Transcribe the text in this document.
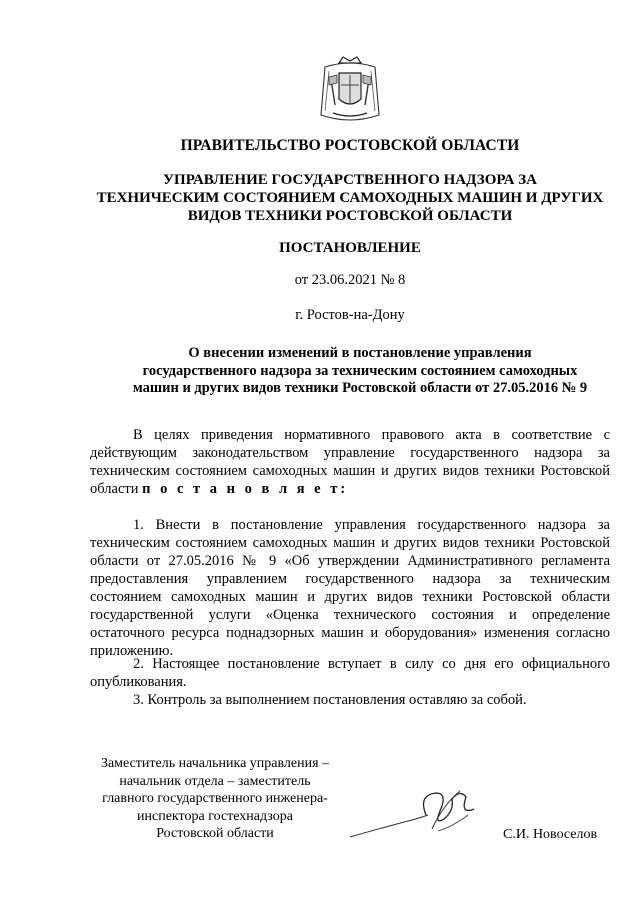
ПРАВИТЕЛЬСТВО РОСТОВСКОЙ ОБЛАСТИ
УПРАВЛЕНИЕ ГОСУДАРСТВЕННОГО НАДЗОРА ЗА
ТЕХНИЧЕСКИМ СОСТОЯНИЕМ САМОХОДНЫХ МАШИН И ДРУГИХ
ВИДОВ ТЕХНИКИ РОСТОВСКОЙ ОБЛАСТИ
ПОСТАНОВЛЕНИЕ
от 23.06.2021 № 8
г. Ростов-на-Дону
О внесении изменений в постановление управления
государственного надзора за техническим состоянием самоходных
машин и других видов техники Ростовской области от 27.05.2016 № 9

В целях приведения нормативного правового акта в соответствие с действующим законодательством управление государственного надзора за техническим состоянием самоходных машин и других видов техники Ростовской области п о с т а н о в л я е т:

1. Внести в постановление управления государственного надзора за техническим состоянием самоходных машин и других видов техники Ростовской области от 27.05.2016 № 9 «Об утверждении Административного регламента предоставления управлением государственного надзора за техническим состоянием самоходных машин и других видов техники Ростовской области государственной услуги «Оценка технического состояния и определение остаточного ресурса поднадзорных машин и оборудования» изменения согласно приложению.

2. Настоящее постановление вступает в силу со дня его официального опубликования.

3. Контроль за выполнением постановления оставляю за собой.

Заместитель начальника управления –
начальник отдела – заместитель
главного государственного инженера-
инспектора гостехнадзора
Ростовской области	С.И. Новоселов
